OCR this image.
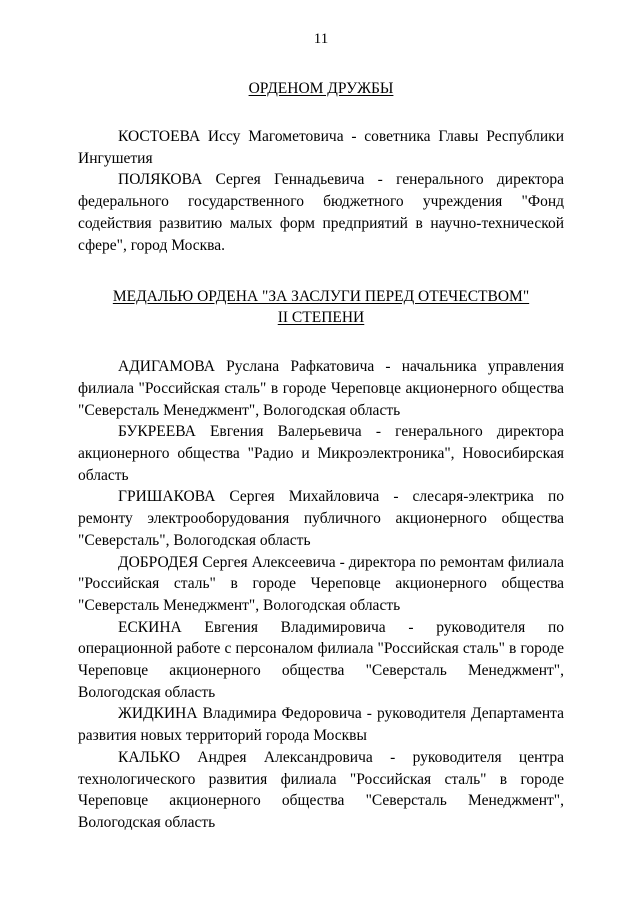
11

ОРДЕНОМ ДРУЖБЫ

КОСТОЕВА Иссу Магометовича - советника Главы Республики Ингушетия

ПОЛЯКОВА Сергея Геннадьевича - генерального директора федерального государственного бюджетного учреждения "Фонд содействия развитию малых форм предприятий в научно-технической сфере", город Москва.

МЕДАЛЬЮ ОРДЕНА "ЗА ЗАСЛУГИ ПЕРЕД ОТЕЧЕСТВОМ"

II СТЕПЕНИ

АДИГАМОВА Руслана Рафкатовича - начальника управления филиала "Российская сталь" в городе Череповце акционерного общества "Северсталь Менеджмент", Вологодская область

БУКРЕЕВА Евгения Валерьевича - генерального директора акционерного общества "Радио и Микроэлектроника", Новосибирская область

ГРИШАКОВА Сергея Михайловича - слесаря-электрика по ремонту электрооборудования публичного акционерного общества "Северсталь", Вологодская область

ДОБРОДЕЯ Сергея Алексеевича - директора по ремонтам филиала "Российская сталь" в городе Череповце акционерного общества "Северсталь Менеджмент", Вологодская область

ЕСКИНА Евгения Владимировича - руководителя по операционной работе с персоналом филиала "Российская сталь" в городе Череповце акционерного общества "Северсталь Менеджмент", Вологодская область

ЖИДКИНА Владимира Федоровича - руководителя Департамента развития новых территорий города Москвы

КАЛЬКО Андрея Александровича - руководителя центра технологического развития филиала "Российская сталь" в городе Череповце акционерного общества "Северсталь Менеджмент", Вологодская область
